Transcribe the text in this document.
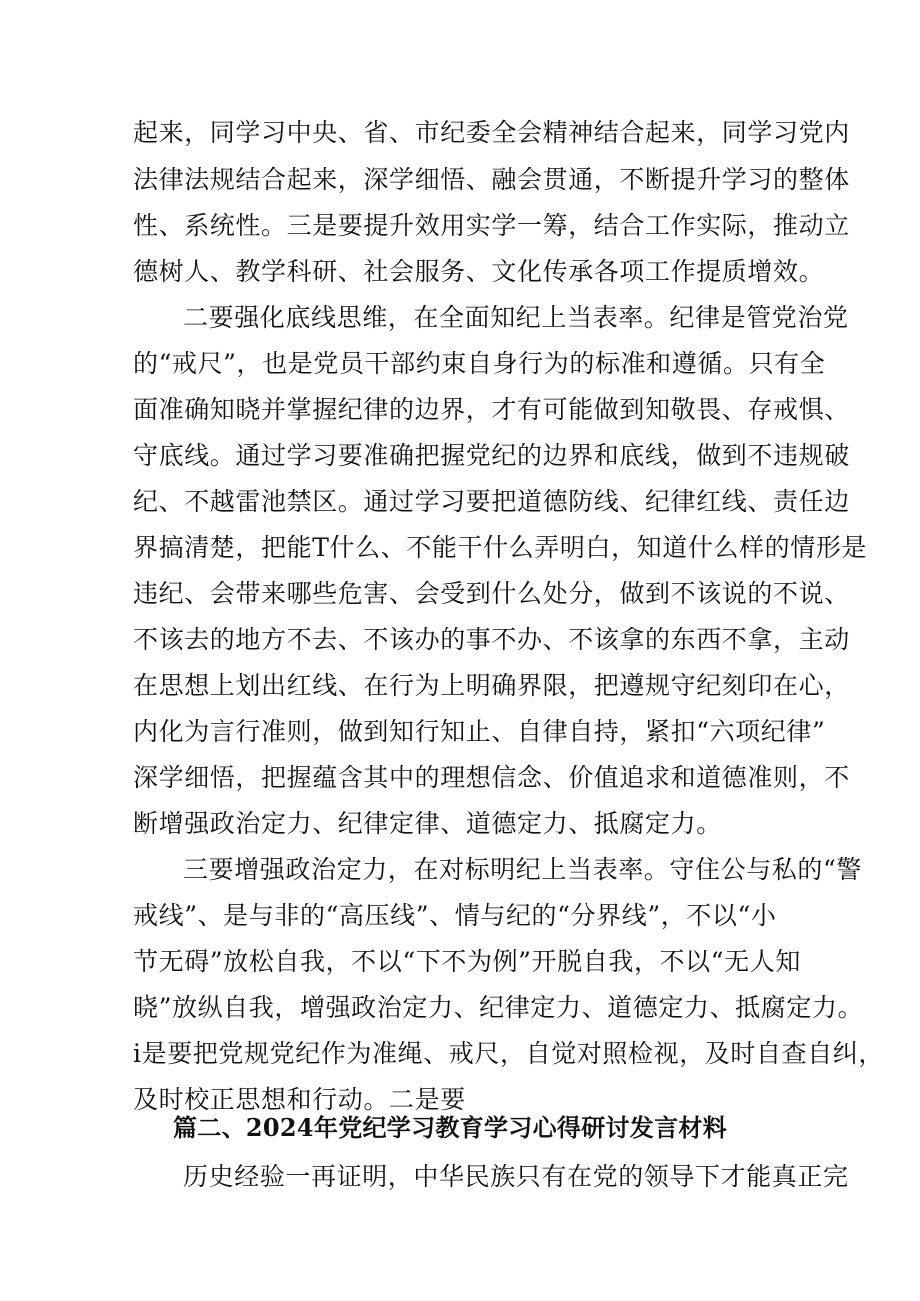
起来，同学习中央、省、市纪委全会精神结合起来，同学习党内
法律法规结合起来，深学细悟、融会贯通，不断提升学习的整体
性、系统性。三是要提升效用实学一筹，结合工作实际，推动立
德树人、教学科研、社会服务、文化传承各项工作提质增效。
二要强化底线思维，在全面知纪上当表率。纪律是管党治党
的“戒尺”，也是党员干部约束自身行为的标准和遵循。只有全
面准确知晓并掌握纪律的边界，才有可能做到知敬畏、存戒惧、
守底线。通过学习要准确把握党纪的边界和底线，做到不违规破
纪、不越雷池禁区。通过学习要把道德防线、纪律红线、责任边
界搞清楚，把能T什么、不能干什么弄明白，知道什么样的情形是
违纪、会带来哪些危害、会受到什么处分，做到不该说的不说、
不该去的地方不去、不该办的事不办、不该拿的东西不拿，主动
在思想上划出红线、在行为上明确界限，把遵规守纪刻印在心，
内化为言行准则，做到知行知止、自律自持，紧扣“六项纪律”
深学细悟，把握蕴含其中的理想信念、价值追求和道德准则，不
断增强政治定力、纪律定律、道德定力、抵腐定力。
三要增强政治定力，在对标明纪上当表率。守住公与私的“警
戒线”、是与非的“高压线”、情与纪的“分界线”，不以“小
节无碍”放松自我，不以“下不为例”开脱自我，不以“无人知
晓”放纵自我，增强政治定力、纪律定力、道德定力、抵腐定力。
i是要把党规党纪作为准绳、戒尺，自觉对照检视，及时自查自纠，
及时校正思想和行动。二是要
篇二、2024年党纪学习教育学习心得研讨发言材料
历史经验一再证明，中华民族只有在党的领导下才能真正完
